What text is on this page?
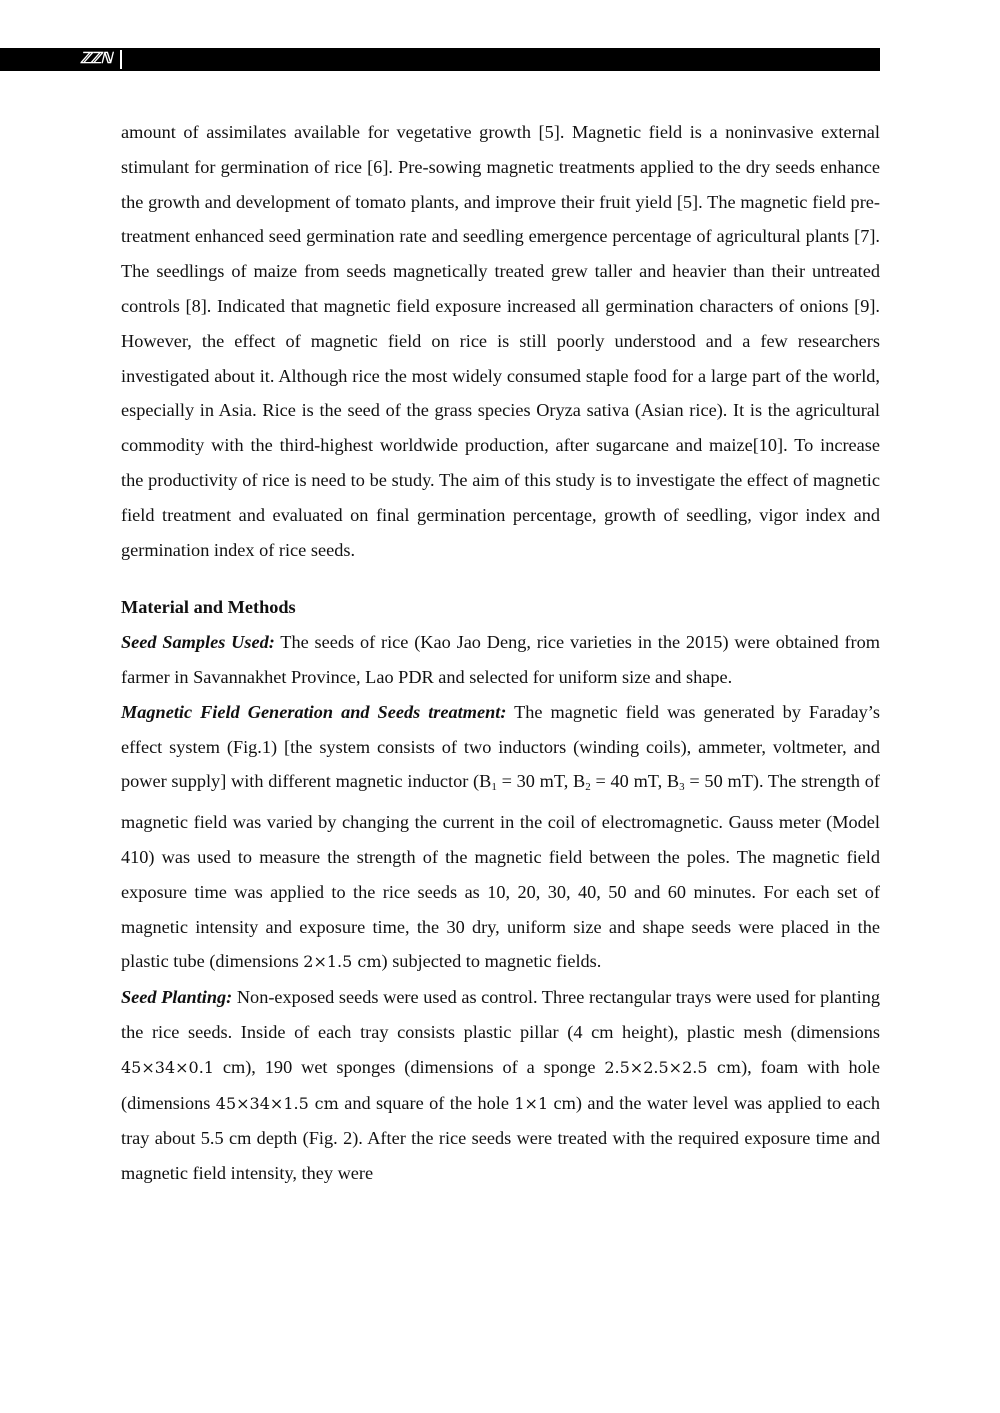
ℤℤℕ

amount of assimilates available for vegetative growth [5]. Magnetic field is a noninvasive external stimulant for germination of rice [6]. Pre-sowing magnetic treatments applied to the dry seeds enhance the growth and development of tomato plants, and improve their fruit yield [5]. The magnetic field pre-treatment enhanced seed germination rate and seedling emergence percentage of agricultural plants [7]. The seedlings of maize from seeds magnetically treated grew taller and heavier than their untreated controls [8]. Indicated that magnetic field exposure increased all germination characters of onions [9]. However, the effect of magnetic field on rice is still poorly understood and a few researchers investigated about it. Although rice the most widely consumed staple food for a large part of the world, especially in Asia. Rice is the seed of the grass species Oryza sativa (Asian rice). It is the agricultural commodity with the third-highest worldwide production, after sugarcane and maize[10]. To increase the productivity of rice is need to be study. The aim of this study is to investigate the effect of magnetic field treatment and evaluated on final germination percentage, growth of seedling, vigor index and germination index of rice seeds.

Material and Methods

Seed Samples Used: The seeds of rice (Kao Jao Deng, rice varieties in the 2015) were obtained from farmer in Savannakhet Province, Lao PDR and selected for uniform size and shape.

Magnetic Field Generation and Seeds treatment: The magnetic field was generated by Faraday’s effect system (Fig.1) [the system consists of two inductors (winding coils), ammeter, voltmeter, and power supply] with different magnetic inductor ($B_1 = 30$ mT, $B_2 = 40$ mT, $B_3 = 50$ mT). The strength of magnetic field was varied by changing the current in the coil of electromagnetic. Gauss meter (Model 410) was used to measure the strength of the magnetic field between the poles. The magnetic field exposure time was applied to the rice seeds as 10, 20, 30, 40, 50 and 60 minutes. For each set of magnetic intensity and exposure time, the 30 dry, uniform size and shape seeds were placed in the plastic tube (dimensions 2×1.5 cm) subjected to magnetic fields.

Seed Planting: Non-exposed seeds were used as control. Three rectangular trays were used for planting the rice seeds. Inside of each tray consists plastic pillar (4 cm height), plastic mesh (dimensions 45×34×0.1 cm), 190 wet sponges (dimensions of a sponge 2.5×2.5×2.5 cm), foam with hole (dimensions 45×34×1.5 cm and square of the hole 1×1 cm) and the water level was applied to each tray about 5.5 cm depth (Fig. 2). After the rice seeds were treated with the required exposure time and magnetic field intensity, they were
